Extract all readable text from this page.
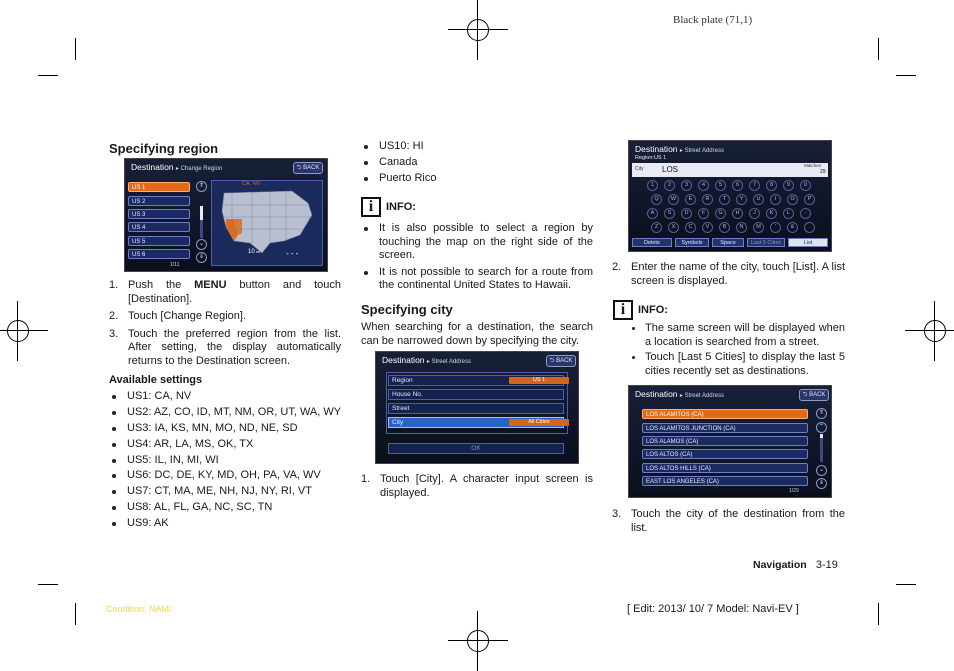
Black plate (71,1)
Specifying region
Destination ▸ Change Region	⮌ BACK
US 1
US 2
US 3
US 4
US 5
US 6
1/11
⇑
⌄
⇓
CA, NV
10 mi
⁃ ⁃ ⁃
1. Push the MENU button and touch [Destination].
2. Touch [Change Region].
3. Touch the preferred region from the list. After setting, the display automatically returns to the Destination screen.
Available settings
US1: CA, NV
US2: AZ, CO, ID, MT, NM, OR, UT, WA, WY
US3: IA, KS, MN, MO, ND, NE, SD
US4: AR, LA, MS, OK, TX
US5: IL, IN, MI, WI
US6: DC, DE, KY, MD, OH, PA, VA, WV
US7: CT, MA, ME, NH, NJ, NY, RI, VT
US8: AL, FL, GA, NC, SC, TN
US9: AK
US10: HI
Canada
Puerto Rico
i	INFO:
It is also possible to select a region by touching the map on the right side of the screen.
It is not possible to search for a route from the continental United States to Hawaii.
Specifying city
When searching for a destination, the search can be narrowed down by specifying the city.
Destination ▸ Street Address	⮌ BACK
Region	US 1
House No.
Street
City	All Cities
OK
1. Touch [City]. A character input screen is displayed.
Destination ▸ Street Address
Region:US 1
City LOS	Matches
29
1	2	3	4	5	6	7	8	9	0
Q	W	E	R	T	Y	U	I	O	P
A	S	D	F	G	H	J	K	L	-
Z	X	C	V	B	N	M	'	&	.
Delete	Symbols	Space	Last 5 Cities	List
2. Enter the name of the city, touch [List]. A list screen is displayed.
i	INFO:
The same screen will be displayed when a location is searched from a street.
Touch [Last 5 Cities] to display the last 5 cities recently set as destinations.
Destination ▸ Street Address	⮌ BACK
LOS ALAMITOS (CA)
LOS ALAMITOS JUNCTION (CA)
LOS ALAMOS (CA)
LOS ALTOS (CA)
LOS ALTOS HILLS (CA)
EAST LOS ANGELES (CA)
1/29
⇑
⌃
⌄
⇓
3. Touch the city of the destination from the list.
Navigation 3-19
Condition: NAM/	[ Edit: 2013/ 10/ 7 Model: Navi-EV ]
